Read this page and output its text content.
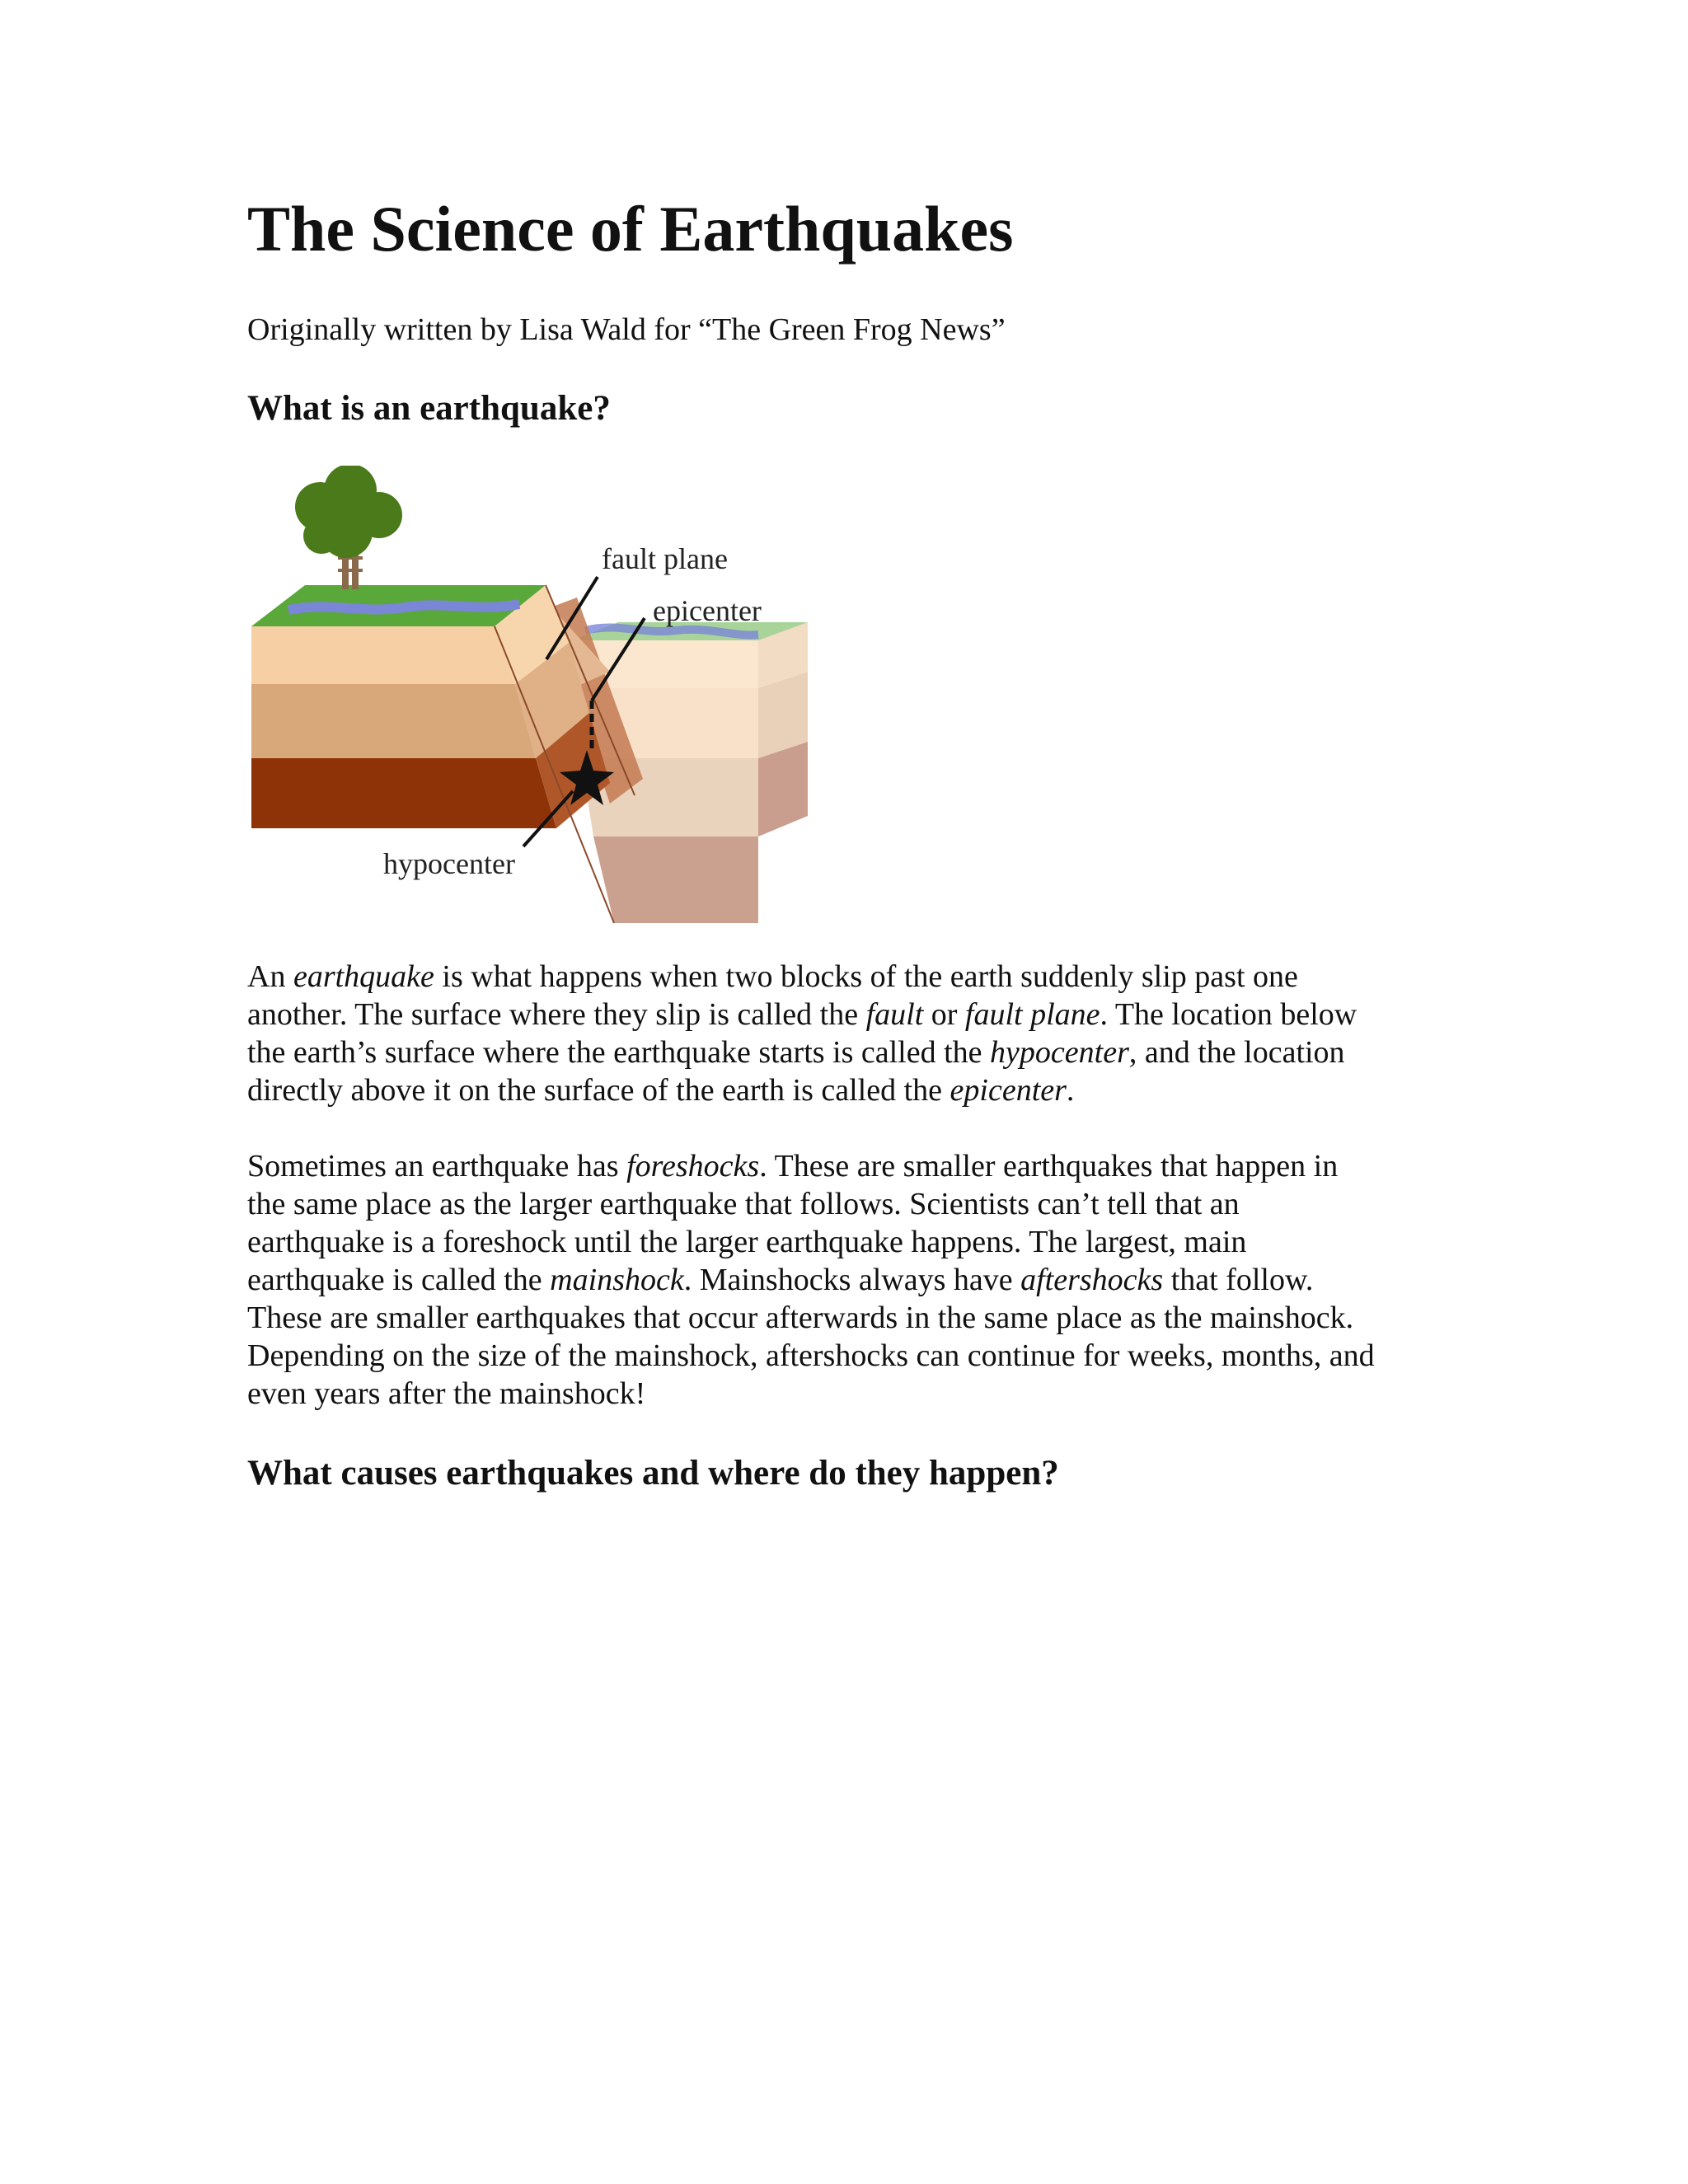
The Science of Earthquakes

Originally written by Lisa Wald for “The Green Frog News”

What is an earthquake?
fault plane
epicenter
hypocenter
An earthquake is what happens when two blocks of the earth suddenly slip past one
another. The surface where they slip is called the fault or fault plane. The location below
the earth’s surface where the earthquake starts is called the hypocenter, and the location
directly above it on the surface of the earth is called the epicenter.
Sometimes an earthquake has foreshocks. These are smaller earthquakes that happen in
the same place as the larger earthquake that follows. Scientists can’t tell that an
earthquake is a foreshock until the larger earthquake happens. The largest, main
earthquake is called the mainshock. Mainshocks always have aftershocks that follow.
These are smaller earthquakes that occur afterwards in the same place as the mainshock.
Depending on the size of the mainshock, aftershocks can continue for weeks, months, and
even years after the mainshock!
What causes earthquakes and where do they happen?
